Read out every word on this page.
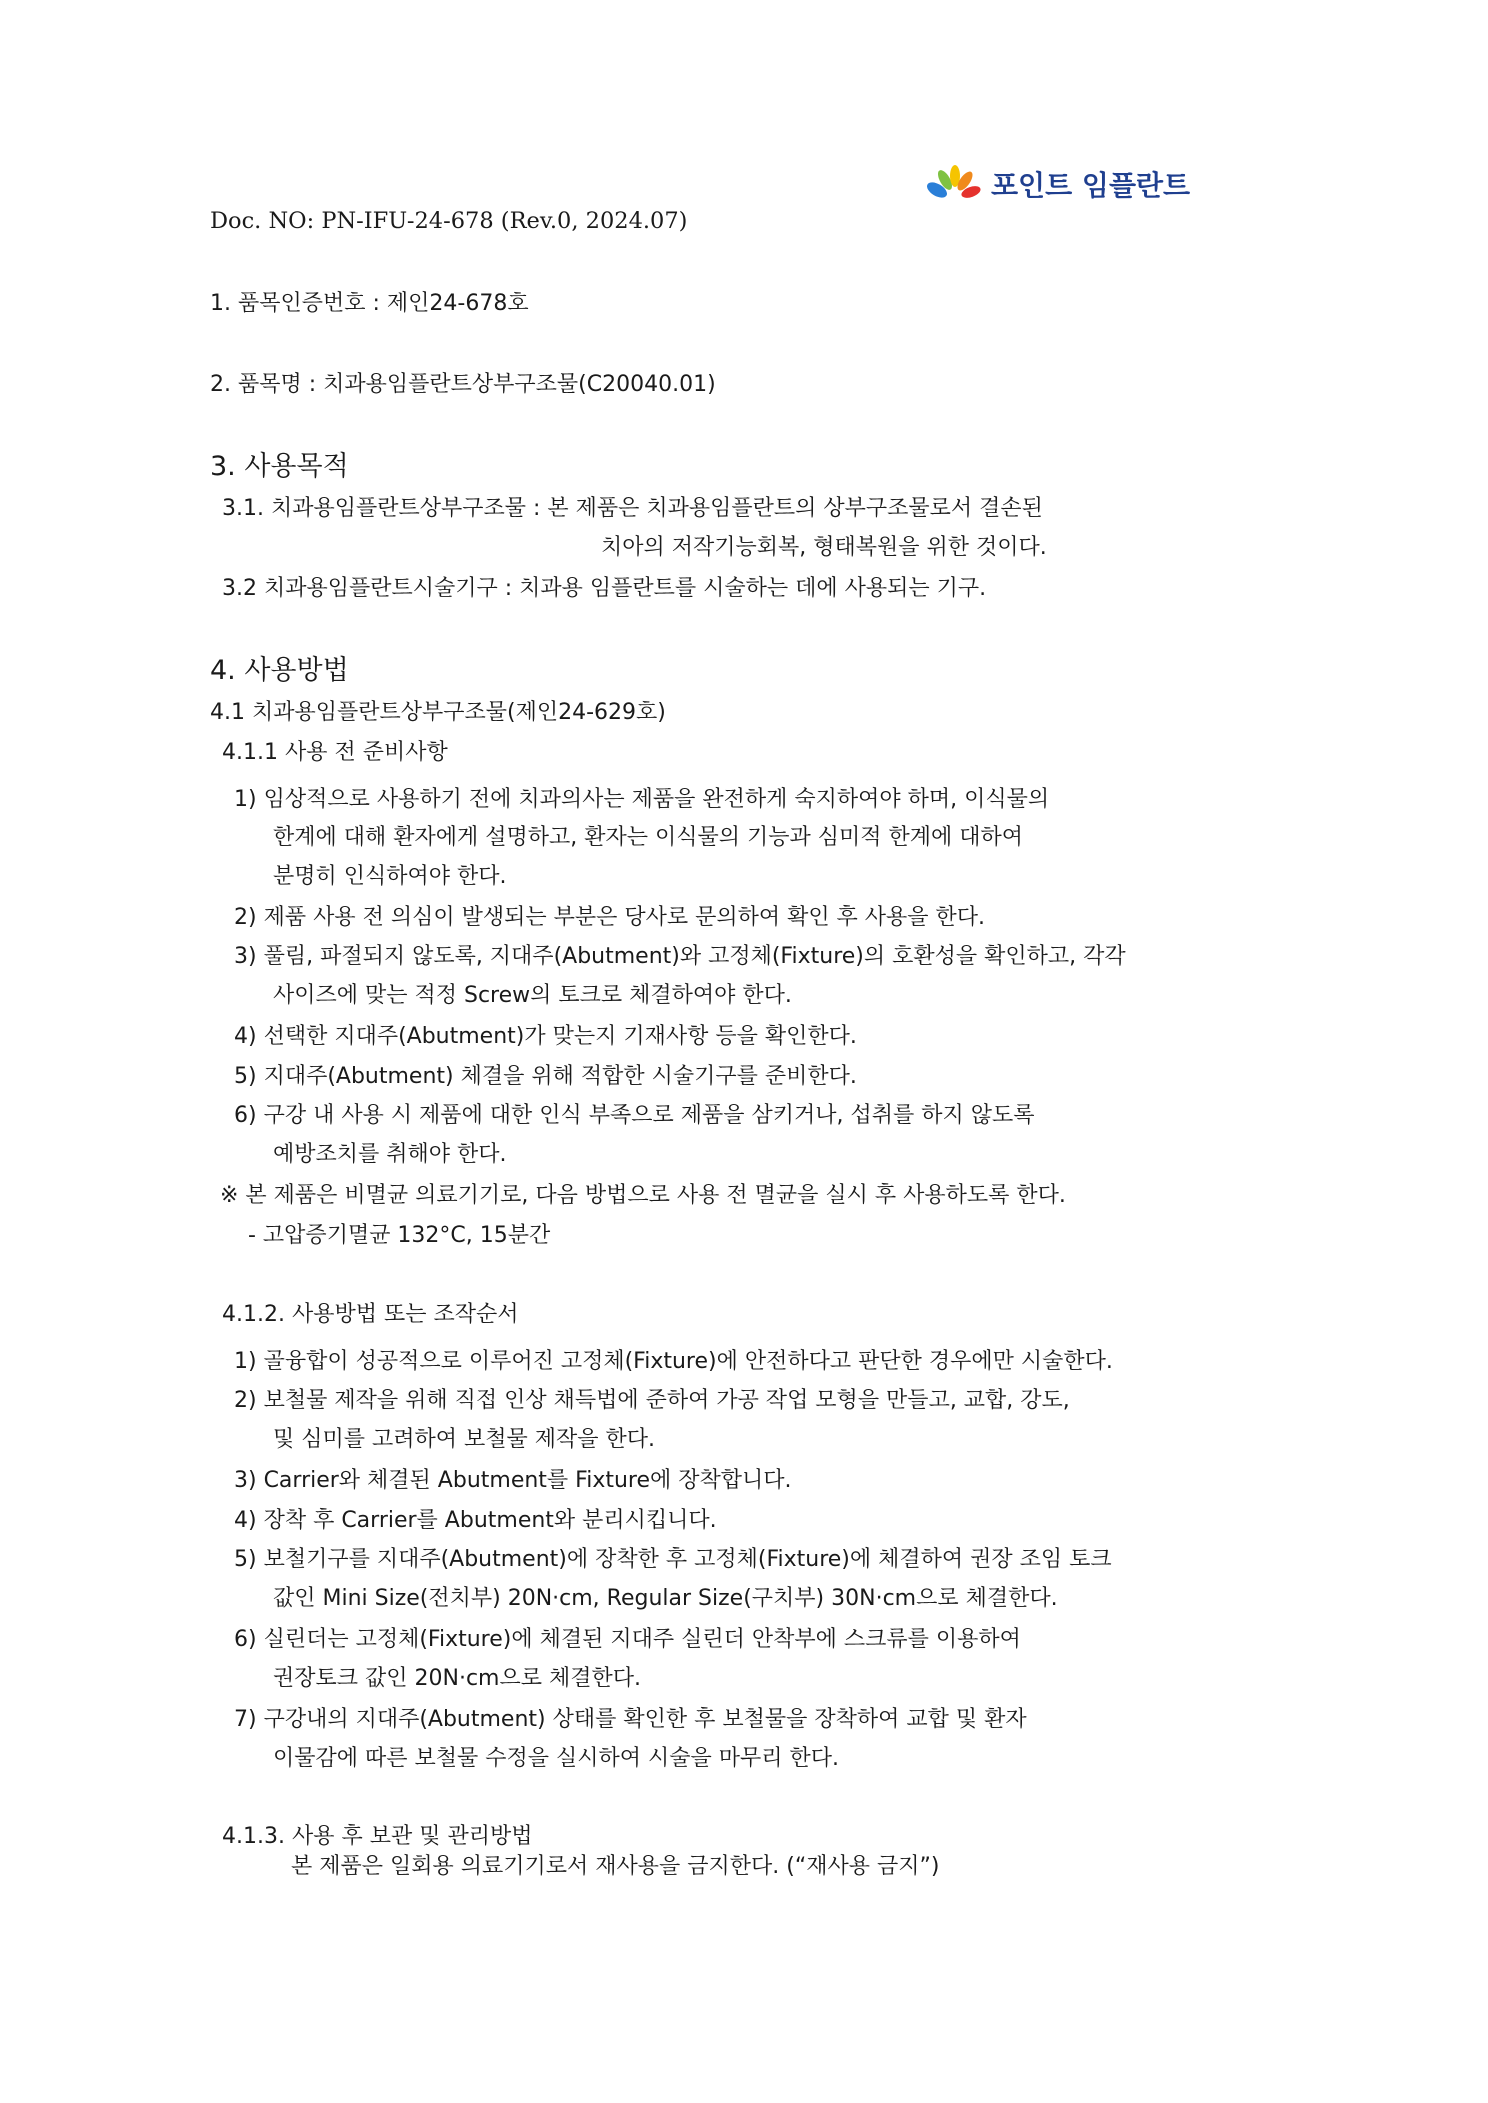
포인트 임플란트
Doc. NO: PN-IFU-24-678 (Rev.0, 2024.07)
1. 품목인증번호 : 제인24-678호
2. 품목명 : 치과용임플란트상부구조물(C20040.01)
3. 사용목적
3.1. 치과용임플란트상부구조물 : 본 제품은 치과용임플란트의 상부구조물로서 결손된
치아의 저작기능회복, 형태복원을 위한 것이다.
3.2 치과용임플란트시술기구 : 치과용 임플란트를 시술하는 데에 사용되는 기구.
4. 사용방법
4.1 치과용임플란트상부구조물(제인24-629호)
4.1.1 사용 전 준비사항
1) 임상적으로 사용하기 전에 치과의사는 제품을 완전하게 숙지하여야 하며, 이식물의
한계에 대해 환자에게 설명하고, 환자는 이식물의 기능과 심미적 한계에 대하여
분명히 인식하여야 한다.
2) 제품 사용 전 의심이 발생되는 부분은 당사로 문의하여 확인 후 사용을 한다.
3) 풀림, 파절되지 않도록, 지대주(Abutment)와 고정체(Fixture)의 호환성을 확인하고, 각각
사이즈에 맞는 적정 Screw의 토크로 체결하여야 한다.
4) 선택한 지대주(Abutment)가 맞는지 기재사항 등을 확인한다.
5) 지대주(Abutment) 체결을 위해 적합한 시술기구를 준비한다.
6) 구강 내 사용 시 제품에 대한 인식 부족으로 제품을 삼키거나, 섭취를 하지 않도록
예방조치를 취해야 한다.
※ 본 제품은 비멸균 의료기기로, 다음 방법으로 사용 전 멸균을 실시 후 사용하도록 한다.
- 고압증기멸균 132°C, 15분간
4.1.2. 사용방법 또는 조작순서
1) 골융합이 성공적으로 이루어진 고정체(Fixture)에 안전하다고 판단한 경우에만 시술한다.
2) 보철물 제작을 위해 직접 인상 채득법에 준하여 가공 작업 모형을 만들고, 교합, 강도,
및 심미를 고려하여 보철물 제작을 한다.
3) Carrier와 체결된 Abutment를 Fixture에 장착합니다.
4) 장착 후 Carrier를 Abutment와 분리시킵니다.
5) 보철기구를 지대주(Abutment)에 장착한 후 고정체(Fixture)에 체결하여 권장 조임 토크
값인 Mini Size(전치부) 20N·cm, Regular Size(구치부) 30N·cm으로 체결한다.
6) 실린더는 고정체(Fixture)에 체결된 지대주 실린더 안착부에 스크류를 이용하여
권장토크 값인 20N·cm으로 체결한다.
7) 구강내의 지대주(Abutment) 상태를 확인한 후 보철물을 장착하여 교합 및 환자
이물감에 따른 보철물 수정을 실시하여 시술을 마무리 한다.
4.1.3. 사용 후 보관 및 관리방법
본 제품은 일회용 의료기기로서 재사용을 금지한다. (“재사용 금지”)
